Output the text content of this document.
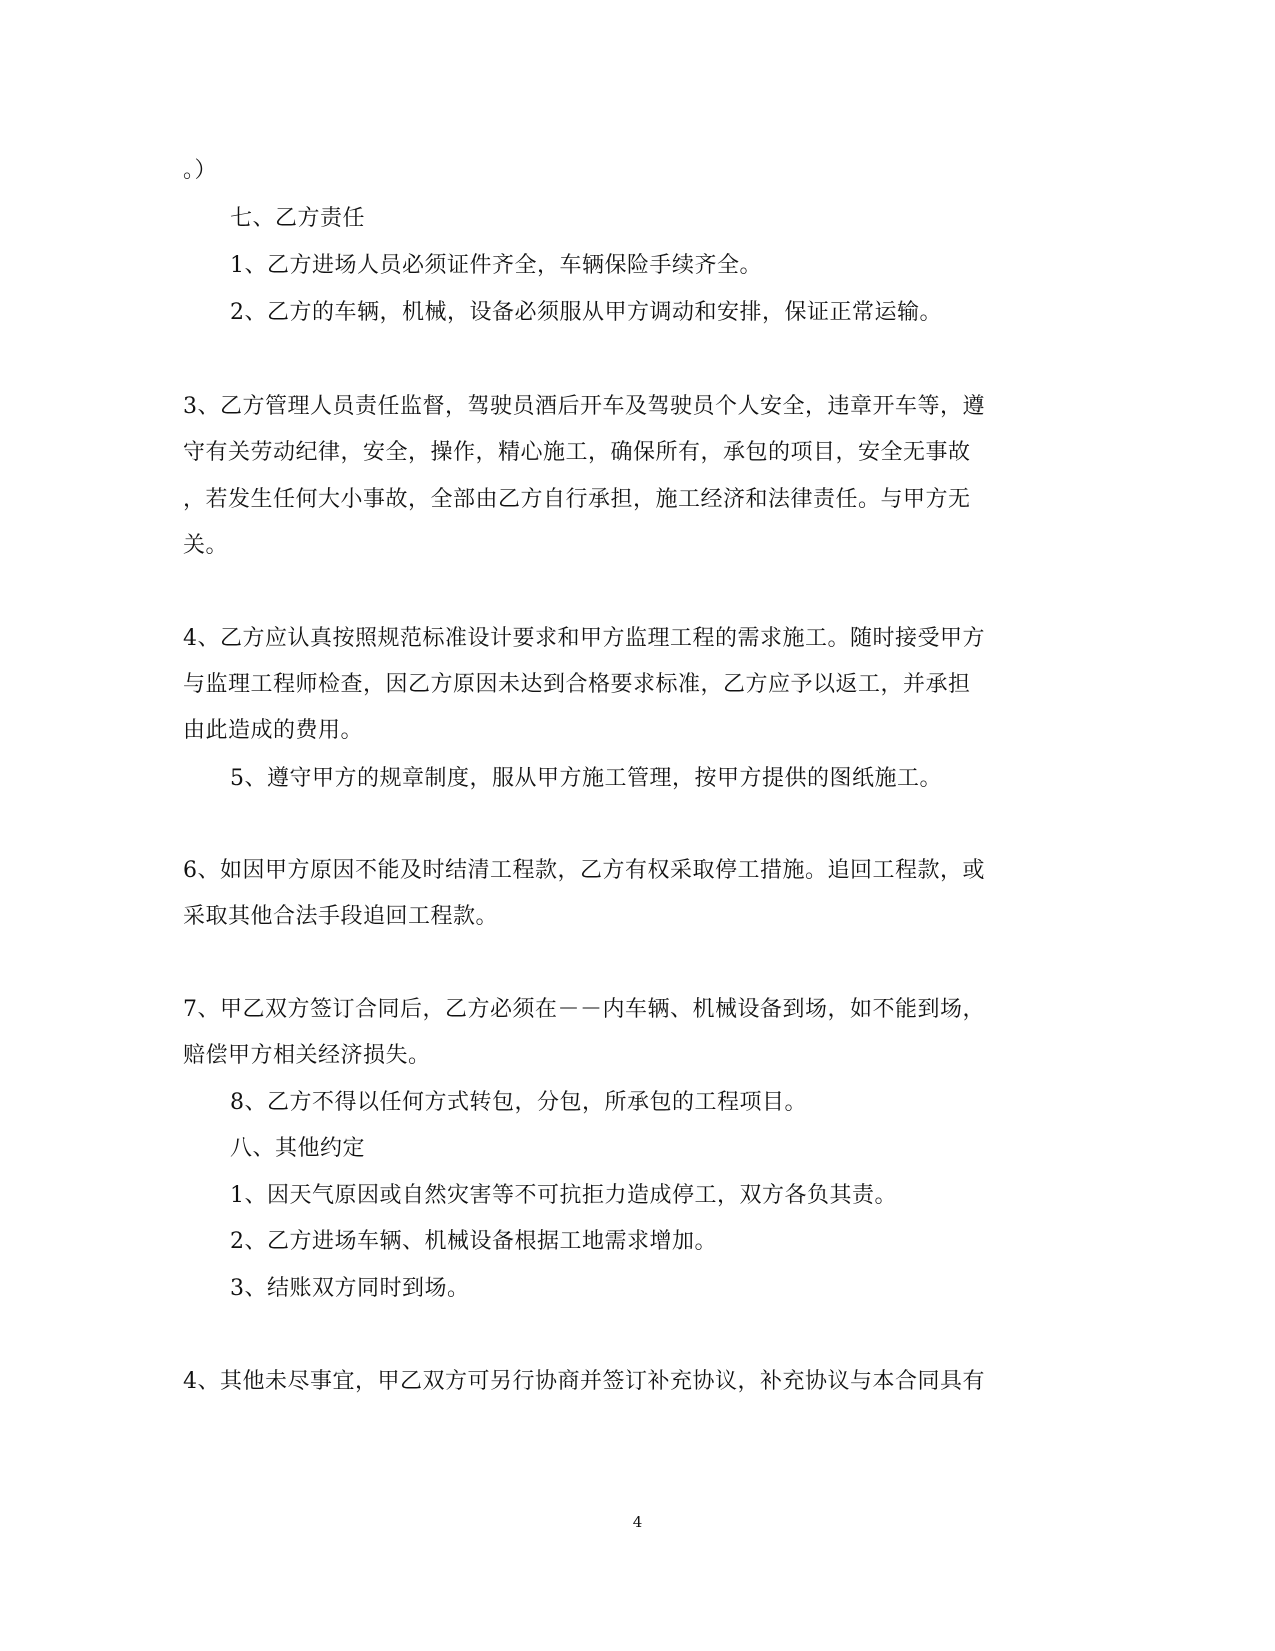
。）
七、乙方责任
1、乙方进场人员必须证件齐全，车辆保险手续齐全。
2、乙方的车辆，机械，设备必须服从甲方调动和安排，保证正常运输。
3、乙方管理人员责任监督，驾驶员酒后开车及驾驶员个人安全，违章开车等，遵
守有关劳动纪律，安全，操作，精心施工，确保所有，承包的项目，安全无事故
，若发生任何大小事故，全部由乙方自行承担，施工经济和法律责任。与甲方无
关。
4、乙方应认真按照规范标准设计要求和甲方监理工程的需求施工。随时接受甲方
与监理工程师检查，因乙方原因未达到合格要求标准，乙方应予以返工，并承担
由此造成的费用。
5、遵守甲方的规章制度，服从甲方施工管理，按甲方提供的图纸施工。
6、如因甲方原因不能及时结清工程款，乙方有权采取停工措施。追回工程款，或
采取其他合法手段追回工程款。
7、甲乙双方签订合同后，乙方必须在－－内车辆、机械设备到场，如不能到场，
赔偿甲方相关经济损失。
8、乙方不得以任何方式转包，分包，所承包的工程项目。
八、其他约定
1、因天气原因或自然灾害等不可抗拒力造成停工，双方各负其责。
2、乙方进场车辆、机械设备根据工地需求增加。
3、结账双方同时到场。
4、其他未尽事宜，甲乙双方可另行协商并签订补充协议，补充协议与本合同具有
4
